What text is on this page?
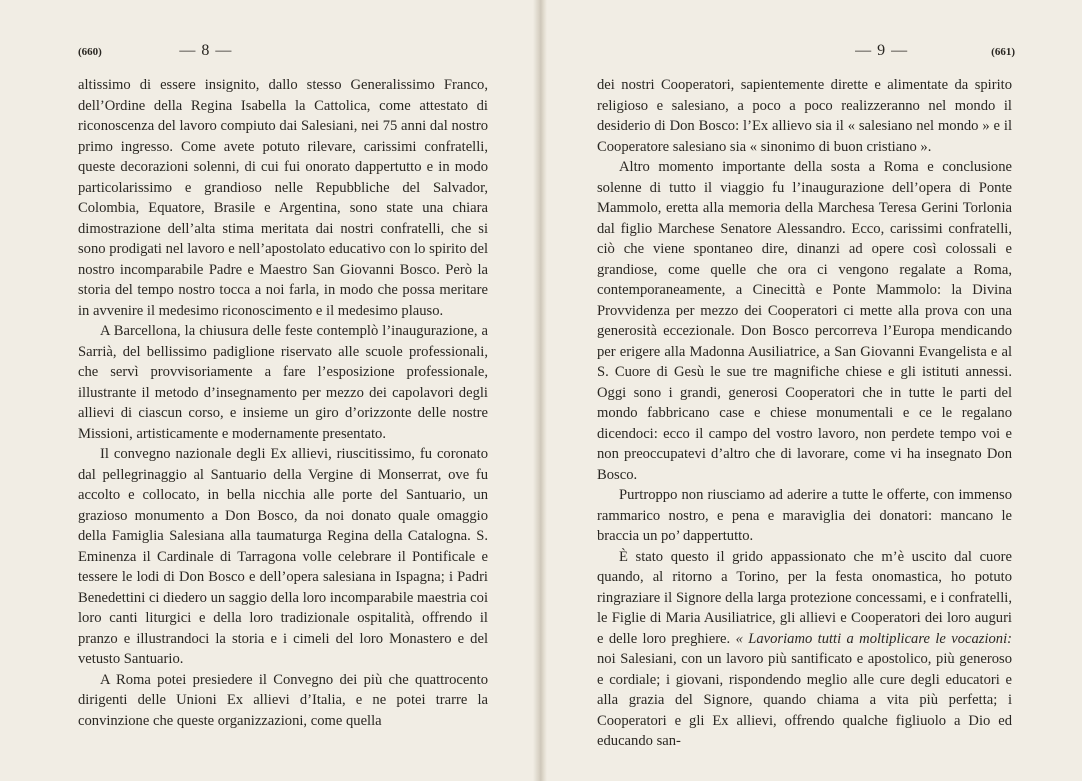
(660)	— 8 —

altissimo di essere insignito, dallo stesso Generalissimo Franco, dell’Ordine della Regina Isabella la Cattolica, come attestato di riconoscenza del lavoro compiuto dai Salesiani, nei 75 anni dal nostro primo ingresso. Come avete potuto rilevare, carissimi confratelli, queste decorazioni solenni, di cui fui onorato dappertutto e in modo particolarissimo e grandioso nelle Repubbliche del Salvador, Colombia, Equatore, Brasile e Argentina, sono state una chiara dimostrazione dell’alta stima meritata dai nostri confratelli, che si sono prodigati nel lavoro e nell’apostolato educativo con lo spirito del nostro incomparabile Padre e Maestro San Giovanni Bosco. Però la storia del tempo nostro tocca a noi farla, in modo che possa meritare in avvenire il medesimo riconoscimento e il medesimo plauso.

A Barcellona, la chiusura delle feste contemplò l’inaugurazione, a Sarrià, del bellissimo padiglione riservato alle scuole professionali, che servì provvisoriamente a fare l’esposizione professionale, illustrante il metodo d’insegnamento per mezzo dei capolavori degli allievi di ciascun corso, e insieme un giro d’orizzonte delle nostre Missioni, artisticamente e modernamente presentato.

Il convegno nazionale degli Ex allievi, riuscitissimo, fu coronato dal pellegrinaggio al Santuario della Vergine di Monserrat, ove fu accolto e collocato, in bella nicchia alle porte del Santuario, un grazioso monumento a Don Bosco, da noi donato quale omaggio della Famiglia Salesiana alla taumaturga Regina della Catalogna. S. Eminenza il Cardinale di Tarragona volle celebrare il Pontificale e tessere le lodi di Don Bosco e dell’opera salesiana in Ispagna; i Padri Benedettini ci diedero un saggio della loro incomparabile maestria coi loro canti liturgici e della loro tradizionale ospitalità, offrendo il pranzo e illustrandoci la storia e i cimeli del loro Monastero e del vetusto Santuario.

A Roma potei presiedere il Convegno dei più che quattrocento dirigenti delle Unioni Ex allievi d’Italia, e ne potei trarre la convinzione che queste organizzazioni, come quella

— 9 —	(661)

dei nostri Cooperatori, sapientemente dirette e alimentate da spirito religioso e salesiano, a poco a poco realizzeranno nel mondo il desiderio di Don Bosco: l’Ex allievo sia il « salesiano nel mondo » e il Cooperatore salesiano sia « sinonimo di buon cristiano ».

Altro momento importante della sosta a Roma e conclusione solenne di tutto il viaggio fu l’inaugurazione dell’opera di Ponte Mammolo, eretta alla memoria della Marchesa Teresa Gerini Torlonia dal figlio Marchese Senatore Alessandro. Ecco, carissimi confratelli, ciò che viene spontaneo dire, dinanzi ad opere così colossali e grandiose, come quelle che ora ci vengono regalate a Roma, contemporaneamente, a Cinecittà e Ponte Mammolo: la Divina Provvidenza per mezzo dei Cooperatori ci mette alla prova con una generosità eccezionale. Don Bosco percorreva l’Europa mendicando per erigere alla Madonna Ausiliatrice, a San Giovanni Evangelista e al S. Cuore di Gesù le sue tre magnifiche chiese e gli istituti annessi. Oggi sono i grandi, generosi Cooperatori che in tutte le parti del mondo fabbricano case e chiese monumentali e ce le regalano dicendoci: ecco il campo del vostro lavoro, non perdete tempo voi e non preoccupatevi d’altro che di lavorare, come vi ha insegnato Don Bosco.

Purtroppo non riusciamo ad aderire a tutte le offerte, con immenso rammarico nostro, e pena e maraviglia dei donatori: mancano le braccia un po’ dappertutto.

È stato questo il grido appassionato che m’è uscito dal cuore quando, al ritorno a Torino, per la festa onomastica, ho potuto ringraziare il Signore della larga protezione concessami, e i confratelli, le Figlie di Maria Ausiliatrice, gli allievi e Cooperatori dei loro auguri e delle loro preghiere. « Lavoriamo tutti a moltiplicare le vocazioni: noi Salesiani, con un lavoro più santificato e apostolico, più generoso e cordiale; i giovani, rispondendo meglio alle cure degli educatori e alla grazia del Signore, quando chiama a vita più perfetta; i Cooperatori e gli Ex allievi, offrendo qualche figliuolo a Dio ed educando san-
